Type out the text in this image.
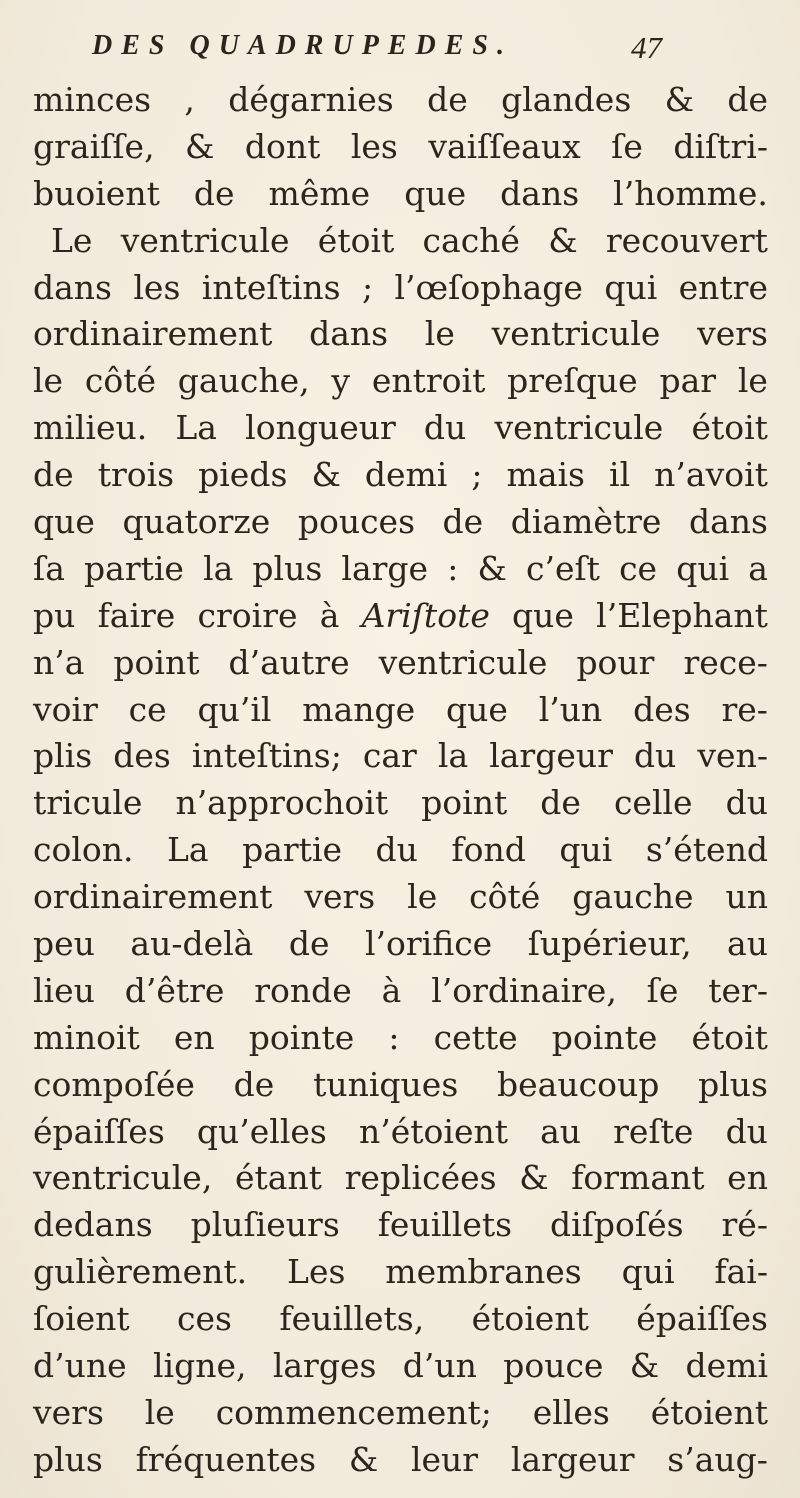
DES QUADRUPEDES.	47
minces , dégarnies de glandes & de
graiſſe, & dont les vaiſſeaux ſe diſtri-
buoient de même que dans l’homme.
Le ventricule étoit caché & recouvert
dans les inteſtins ; l’œſophage qui entre
ordinairement dans le ventricule vers
le côté gauche, y entroit preſque par le
milieu. La longueur du ventricule étoit
de trois pieds & demi ; mais il n’avoit
que quatorze pouces de diamètre dans
ſa partie la plus large : & c’eſt ce qui a
pu faire croire à Ariſtote que l’Elephant
n’a point d’autre ventricule pour rece-
voir ce qu’il mange que l’un des re-
plis des inteſtins; car la largeur du ven-
tricule n’approchoit point de celle du
colon. La partie du fond qui s’étend
ordinairement vers le côté gauche un
peu au-delà de l’orifice ſupérieur, au
lieu d’être ronde à l’ordinaire, ſe ter-
minoit en pointe : cette pointe étoit
compoſée de tuniques beaucoup plus
épaiſſes qu’elles n’étoient au reſte du
ventricule, étant replicées & formant en
dedans pluſieurs feuillets diſpoſés ré-
gulièrement. Les membranes qui fai-
ſoient ces feuillets, étoient épaiſſes
d’une ligne, larges d’un pouce & demi
vers le commencement; elles étoient
plus fréquentes & leur largeur s’aug-
